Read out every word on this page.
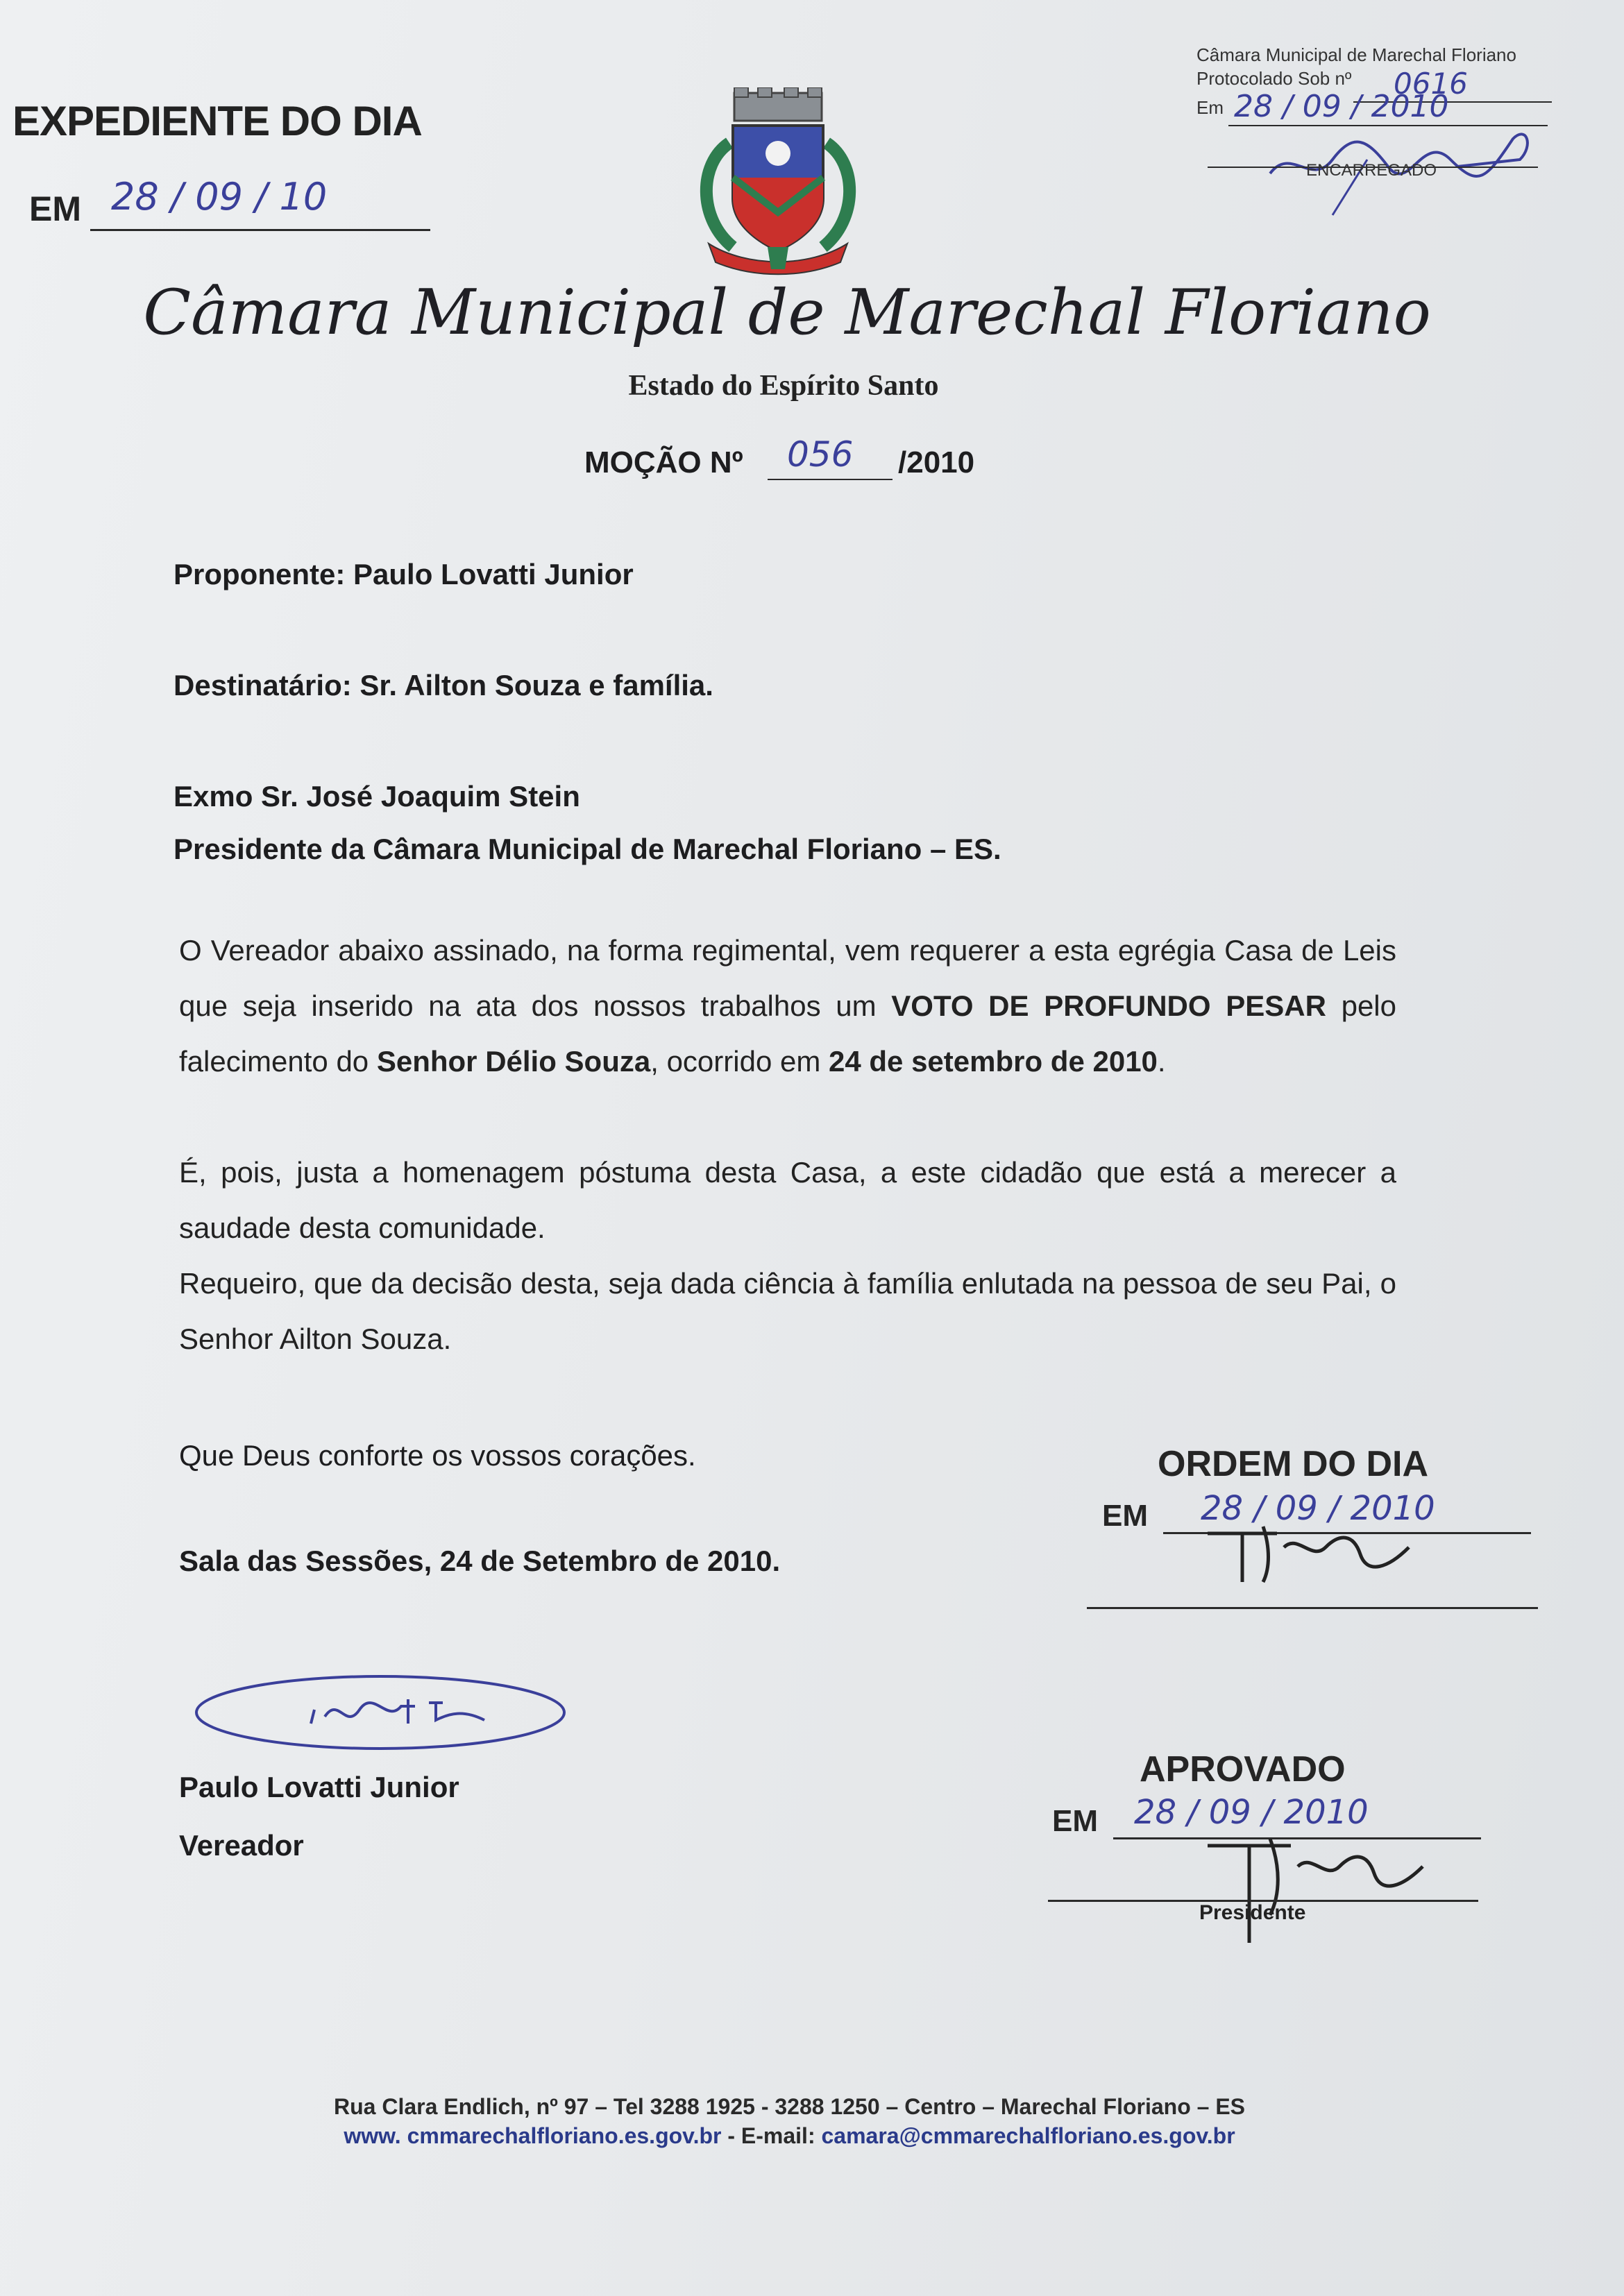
EXPEDIENTE DO DIA
EM 28 / 09 / 10
Câmara Municipal de Marechal Floriano
Protocolado Sob nº 0616
Em 28 / 09 / 2010
ENCARREGADO
Câmara Municipal de Marechal Floriano
Estado do Espírito Santo
MOÇÃO Nº 056 /2010
Proponente: Paulo Lovatti Junior
Destinatário: Sr. Ailton Souza e família.
Exmo Sr. José Joaquim Stein
Presidente da Câmara Municipal de Marechal Floriano – ES.
O Vereador abaixo assinado, na forma regimental, vem requerer a esta egrégia Casa de Leis que seja inserido na ata dos nossos trabalhos um VOTO DE PROFUNDO PESAR pelo falecimento do Senhor Délio Souza, ocorrido em 24 de setembro de 2010.
É, pois, justa a homenagem póstuma desta Casa, a este cidadão que está a merecer a saudade desta comunidade.
Requeiro, que da decisão desta, seja dada ciência à família enlutada na pessoa de seu Pai, o Senhor Ailton Souza.
Que Deus conforte os vossos corações.
Sala das Sessões, 24 de Setembro de 2010.
Paulo Lovatti Junior
Vereador
ORDEM DO DIA
EM 28 / 09 / 2010
APROVADO
EM 28 / 09 / 2010
Presidente
Rua Clara Endlich, nº 97 – Tel 3288 1925 - 3288 1250 – Centro – Marechal Floriano – ES
www. cmmarechalfloriano.es.gov.br - E-mail: camara@cmmarechalfloriano.es.gov.br
